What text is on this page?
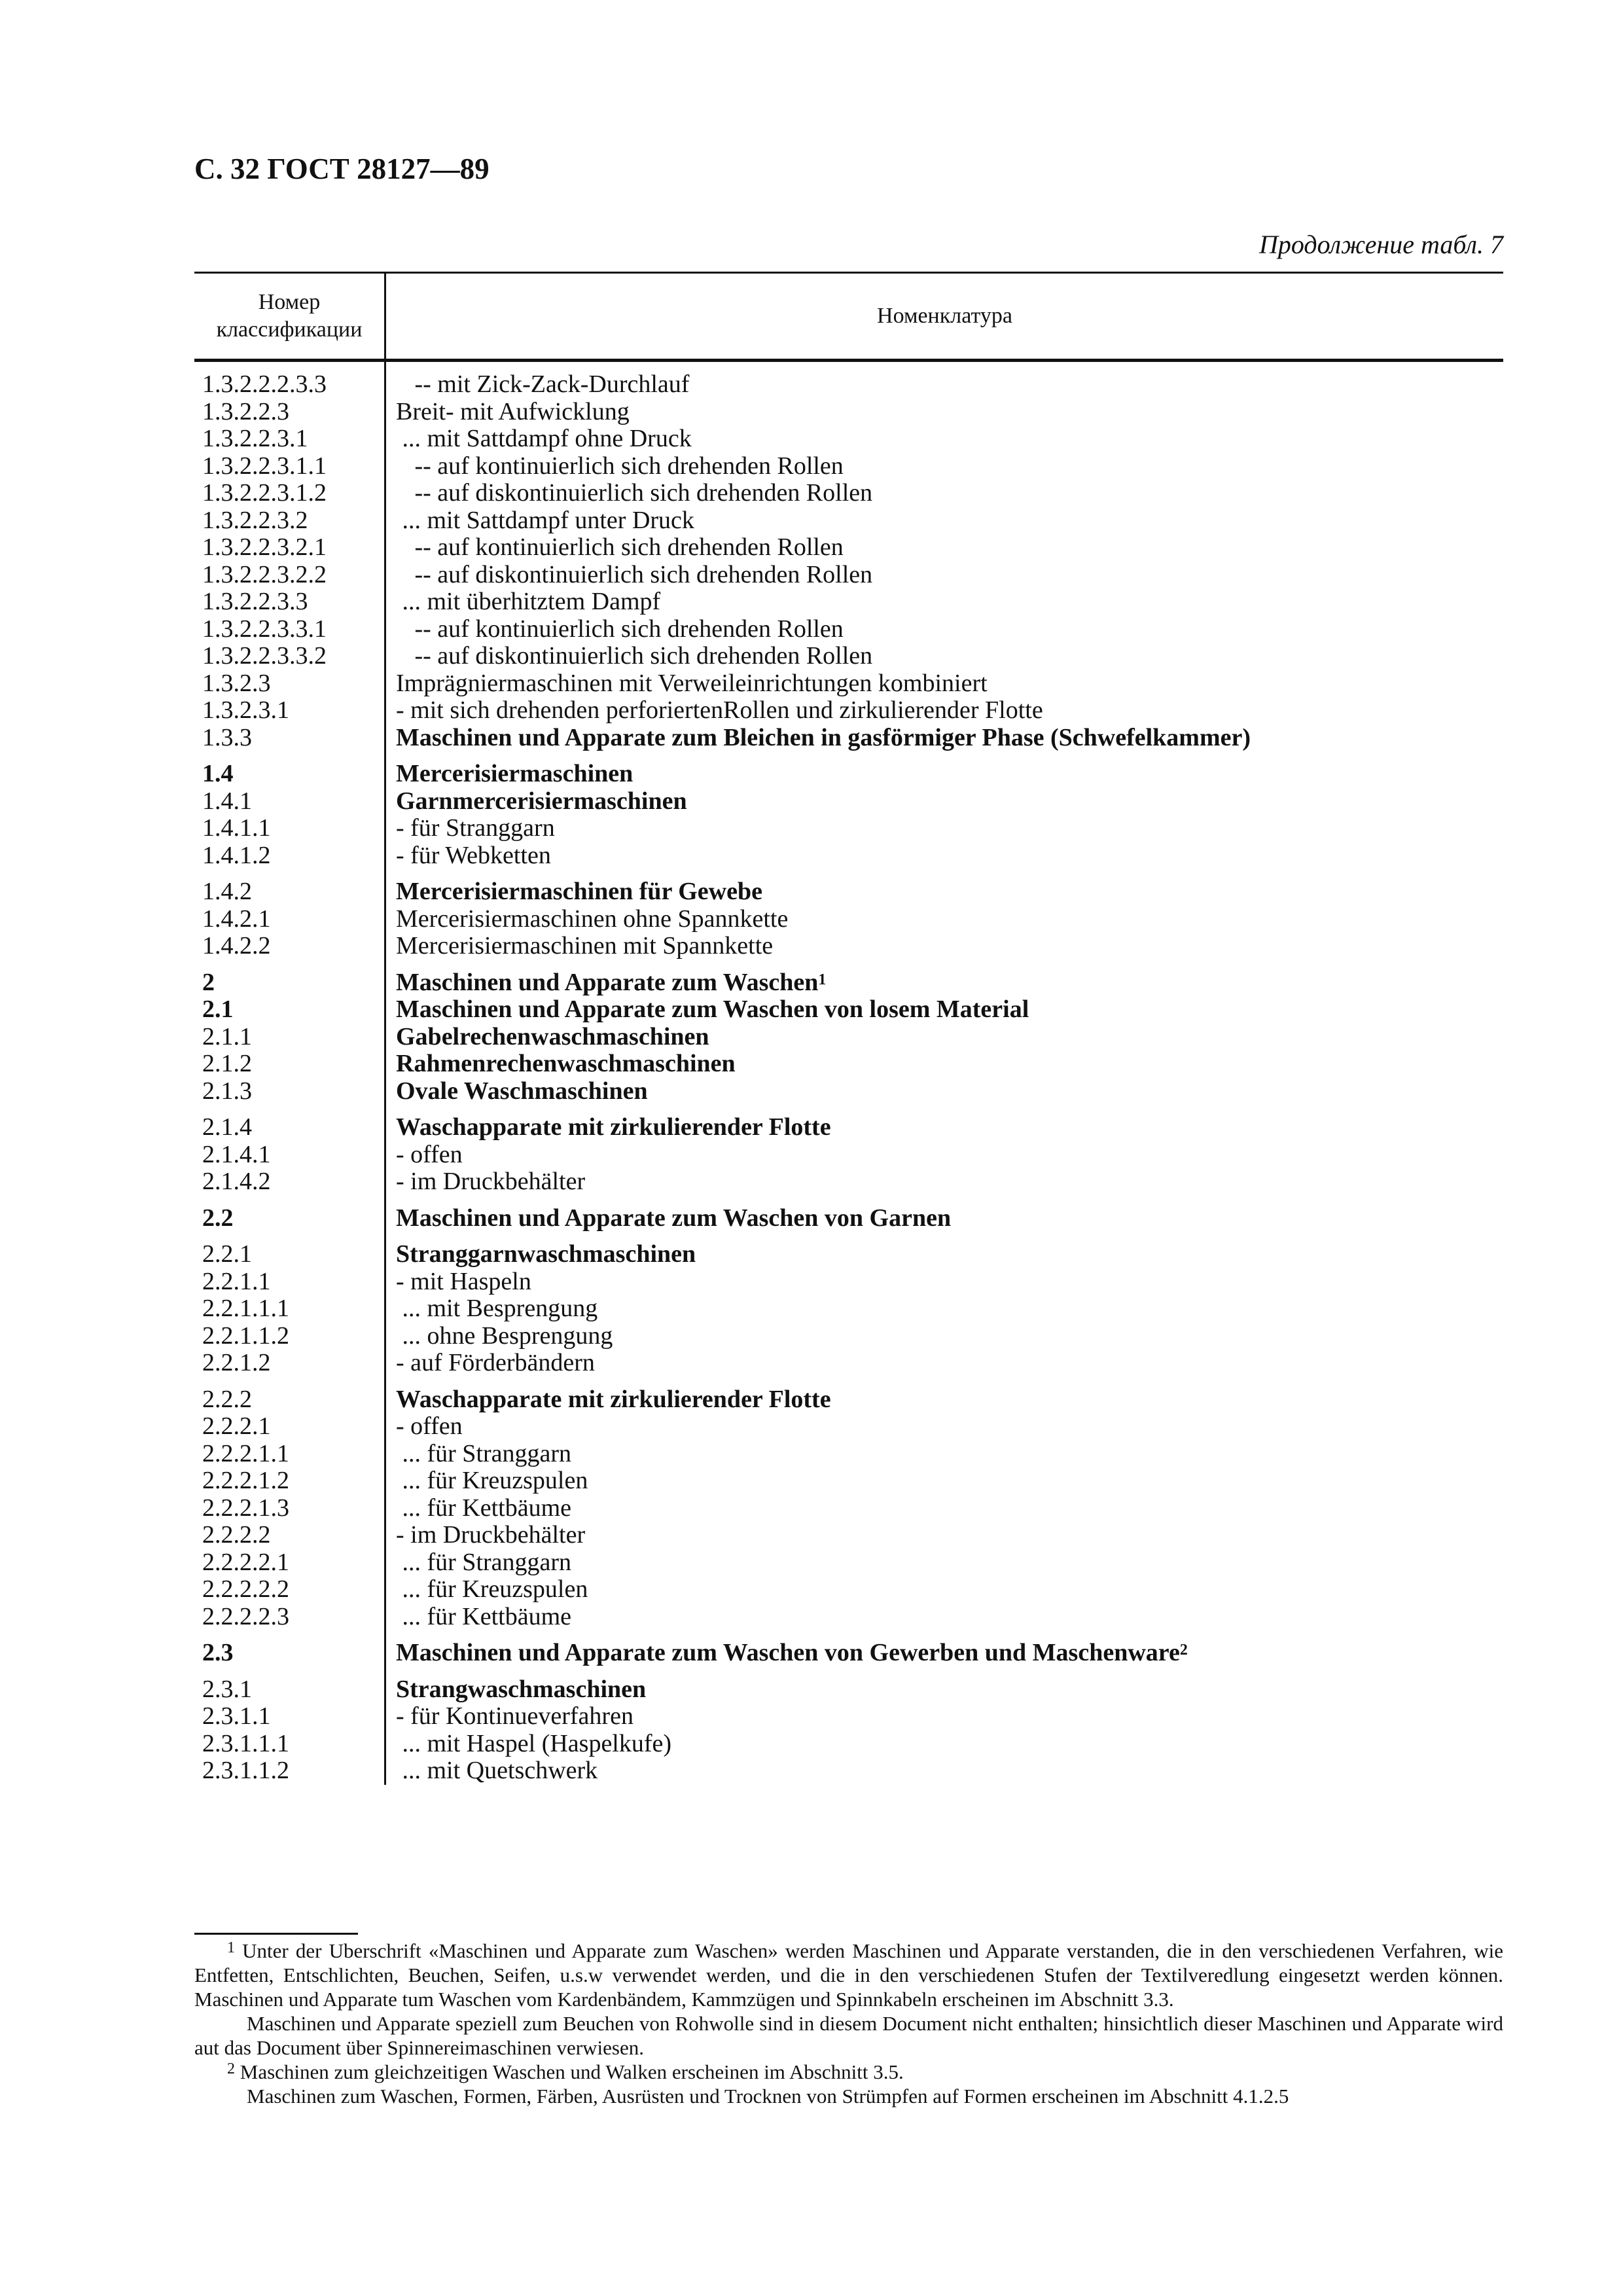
С. 32 ГОСТ 28127—89
Продолжение табл. 7
Номер классификации
Номенклатура
1.3.2.2.2.3.3	-- mit Zick-Zack-Durchlauf
1.3.2.2.3	Breit- mit Aufwicklung
1.3.2.2.3.1	... mit Sattdampf ohne Druck
1.3.2.2.3.1.1	-- auf kontinuierlich sich drehenden Rollen
1.3.2.2.3.1.2	-- auf diskontinuierlich sich drehenden Rollen
1.3.2.2.3.2	... mit Sattdampf unter Druck
1.3.2.2.3.2.1	-- auf kontinuierlich sich drehenden Rollen
1.3.2.2.3.2.2	-- auf diskontinuierlich sich drehenden Rollen
1.3.2.2.3.3	... mit überhitztem Dampf
1.3.2.2.3.3.1	-- auf kontinuierlich sich drehenden Rollen
1.3.2.2.3.3.2	-- auf diskontinuierlich sich drehenden Rollen
1.3.2.3	Imprägniermaschinen mit Verweileinrichtungen kombiniert
1.3.2.3.1	- mit sich drehenden perforiertenRollen und zirkulierender Flotte
1.3.3	Maschinen und Apparate zum Bleichen in gasförmiger Phase (Schwefelkammer)
1.4	Mercerisiermaschinen
1.4.1	Garnmercerisiermaschinen
1.4.1.1	- für Stranggarn
1.4.1.2	- für Webketten
1.4.2	Mercerisiermaschinen für Gewebe
1.4.2.1	Mercerisiermaschinen ohne Spannkette
1.4.2.2	Mercerisiermaschinen mit Spannkette
2	Maschinen und Apparate zum Waschen$^1$
2.1	Maschinen und Apparate zum Waschen von losem Material
2.1.1	Gabelrechenwaschmaschinen
2.1.2	Rahmenrechenwaschmaschinen
2.1.3	Ovale Waschmaschinen
2.1.4	Waschapparate mit zirkulierender Flotte
2.1.4.1	- offen
2.1.4.2	- im Druckbehälter
2.2	Maschinen und Apparate zum Waschen von Garnen
2.2.1	Stranggarnwaschmaschinen
2.2.1.1	- mit Haspeln
2.2.1.1.1	... mit Besprengung
2.2.1.1.2	... ohne Besprengung
2.2.1.2	- auf Förderbändern
2.2.2	Waschapparate mit zirkulierender Flotte
2.2.2.1	- offen
2.2.2.1.1	... für Stranggarn
2.2.2.1.2	... für Kreuzspulen
2.2.2.1.3	... für Kettbäume
2.2.2.2	- im Druckbehälter
2.2.2.2.1	... für Stranggarn
2.2.2.2.2	... für Kreuzspulen
2.2.2.2.3	... für Kettbäume
2.3	Maschinen und Apparate zum Waschen von Gewerben und Maschenware$^2$
2.3.1	Strangwaschmaschinen
2.3.1.1	- für Kontinueverfahren
2.3.1.1.1	... mit Haspel (Haspelkufe)
2.3.1.1.2	... mit Quetschwerk

$^1$ Unter der Uberschrift «Maschinen und Apparate zum Waschen» werden Maschinen und Apparate verstanden, die in den verschiedenen Verfahren, wie Entfetten, Entschlichten, Beuchen, Seifen, u.s.w verwendet werden, und die in den verschiedenen Stufen der Textilveredlung eingesetzt werden können. Maschinen und Apparate tum Waschen vom Kardenbändem, Kammzügen und Spinnkabeln erscheinen im Abschnitt 3.3.

Maschinen und Apparate speziell zum Beuchen von Rohwolle sind in diesem Document nicht enthalten; hinsichtlich dieser Maschinen und Apparate wird aut das Document über Spinnereimaschinen verwiesen.

$^2$ Maschinen zum gleichzeitigen Waschen und Walken erscheinen im Abschnitt 3.5.

Maschinen zum Waschen, Formen, Färben, Ausrüsten und Trocknen von Strümpfen auf Formen erscheinen im Abschnitt 4.1.2.5
